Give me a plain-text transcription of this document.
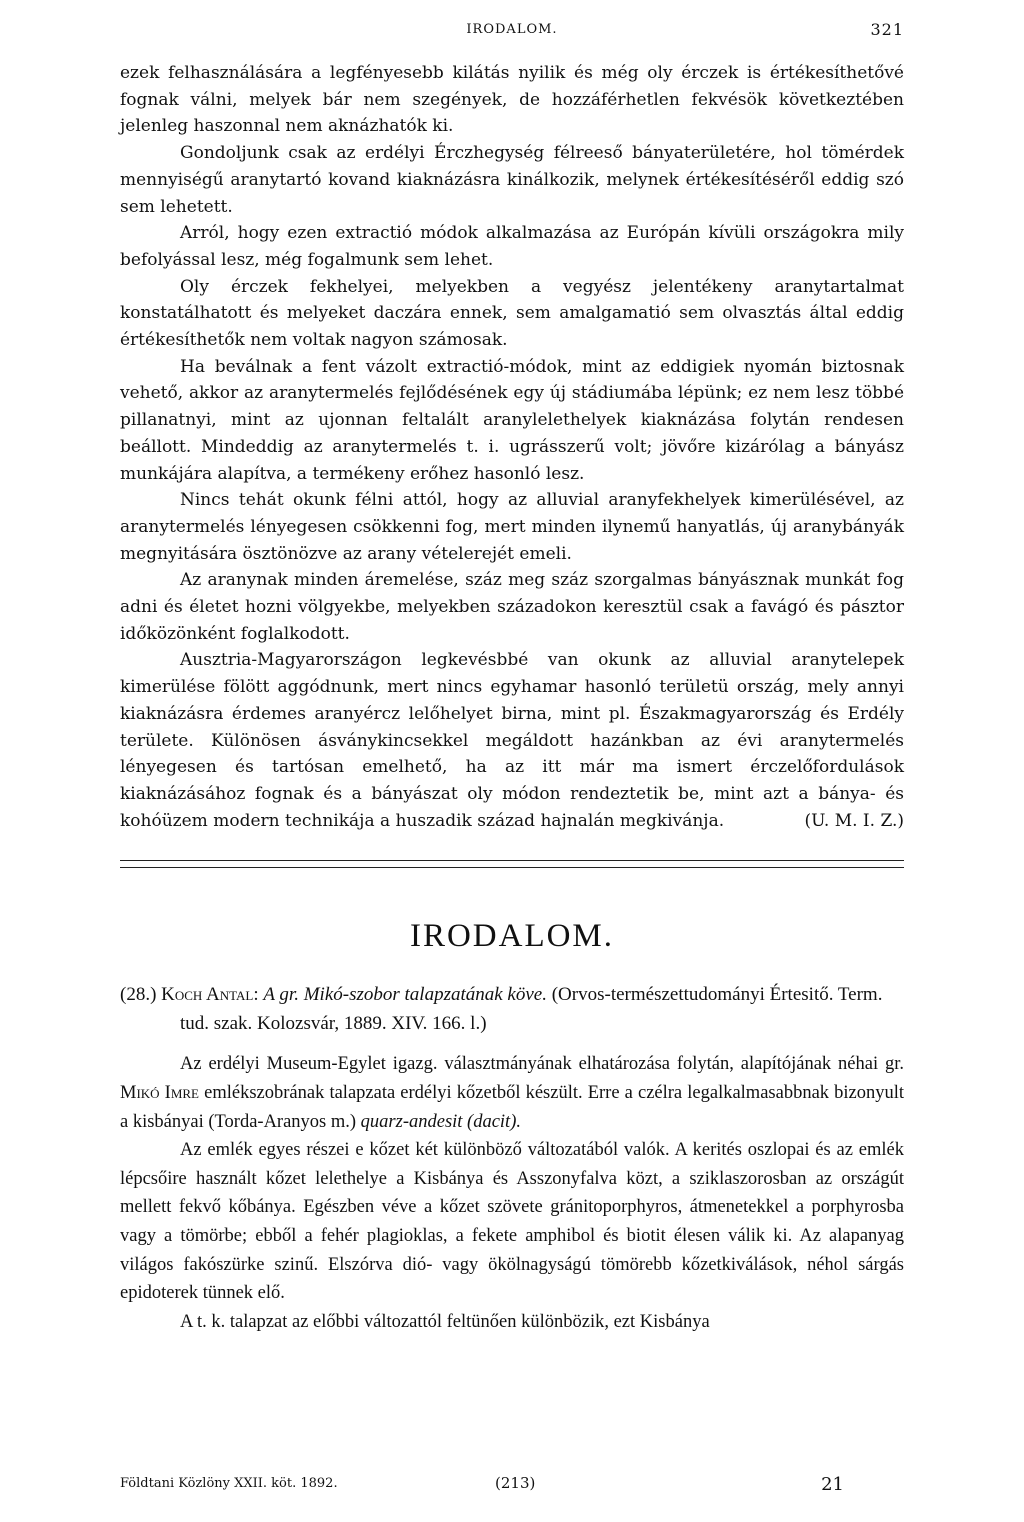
IRODALOM.	321

ezek felhasználására a legfényesebb kilátás nyilik és még oly érczek is értékesíthetővé fognak válni, melyek bár nem szegények, de hozzáférhetlen fekvésök következtében jelenleg haszonnal nem aknázhatók ki.

Gondoljunk csak az erdélyi Érczhegység félreeső bányaterületére, hol tömérdek mennyiségű aranytartó kovand kiaknázásra kinálkozik, melynek értékesítéséről eddig szó sem lehetett.

Arról, hogy ezen extractió módok alkalmazása az Európán kívüli országokra mily befolyással lesz, még fogalmunk sem lehet.

Oly érczek fekhelyei, melyekben a vegyész jelentékeny aranytartalmat konstatálhatott és melyeket daczára ennek, sem amalgamatió sem olvasztás által eddig értékesíthetők nem voltak nagyon számosak.

Ha beválnak a fent vázolt extractió-módok, mint az eddigiek nyomán biztosnak vehető, akkor az aranytermelés fejlődésének egy új stádiumába lépünk; ez nem lesz többé pillanatnyi, mint az ujonnan feltalált aranylelethelyek kiaknázása folytán rendesen beállott. Mindeddig az aranytermelés t. i. ugrásszerű volt; jövőre kizárólag a bányász munkájára alapítva, a termékeny erőhez hasonló lesz.

Nincs tehát okunk félni attól, hogy az alluvial aranyfekhelyek kimerülésével, az aranytermelés lényegesen csökkenni fog, mert minden ilynemű hanyatlás, új aranybányák megnyitására ösztönözve az arany vételerejét emeli.

Az aranynak minden áremelése, száz meg száz szorgalmas bányásznak munkát fog adni és életet hozni völgyekbe, melyekben századokon keresztül csak a favágó és pásztor időközönként foglalkodott.

Ausztria-Magyarországon legkevésbbé van okunk az alluvial aranytelepek kimerülése fölött aggódnunk, mert nincs egyhamar hasonló területü ország, mely annyi kiaknázásra érdemes aranyércz lelőhelyet birna, mint pl. Északmagyarország és Erdély területe. Különösen ásványkincsekkel megáldott hazánkban az évi aranytermelés lényegesen és tartósan emelhető, ha az itt már ma ismert érczelőfordulások kiaknázásához fognak és a bányászat oly módon rendeztetik be, mint azt a bánya- és kohóüzem modern technikája a huszadik század hajnalán megkivánja.	(U. M. I. Z.)

IRODALOM.
(28.) Koch Antal: A gr. Mikó-szobor talapzatának köve. (Orvos-természettudományi Értesitő. Term. tud. szak. Kolozsvár, 1889. XIV. 166. l.)

Az erdélyi Museum-Egylet igazg. választmányának elhatározása folytán, alapítójának néhai gr. Mikó Imre emlékszobrának talapzata erdélyi kőzetből készült. Erre a czélra legalkalmasabbnak bizonyult a kisbányai (Torda-Aranyos m.) quarz-andesit (dacit).

Az emlék egyes részei e kőzet két különböző változatából valók. A kerités oszlopai és az emlék lépcsőire használt kőzet lelethelye a Kisbánya és Asszonyfalva közt, a sziklaszorosban az országút mellett fekvő kőbánya. Egészben véve a kőzet szövete gránitoporphyros, átmenetekkel a porphyrosba vagy a tömörbe; ebből a fehér plagioklas, a fekete amphibol és biotit élesen válik ki. Az alapanyag világos fakószürke szinű. Elszórva dió- vagy ökölnagyságú tömörebb kőzetkiválások, néhol sárgás epidoterek tünnek elő.

A t. k. talapzat az előbbi változattól feltünően különbözik, ezt Kisbánya

Földtani Közlöny XXII. köt. 1892.	(213)	21
